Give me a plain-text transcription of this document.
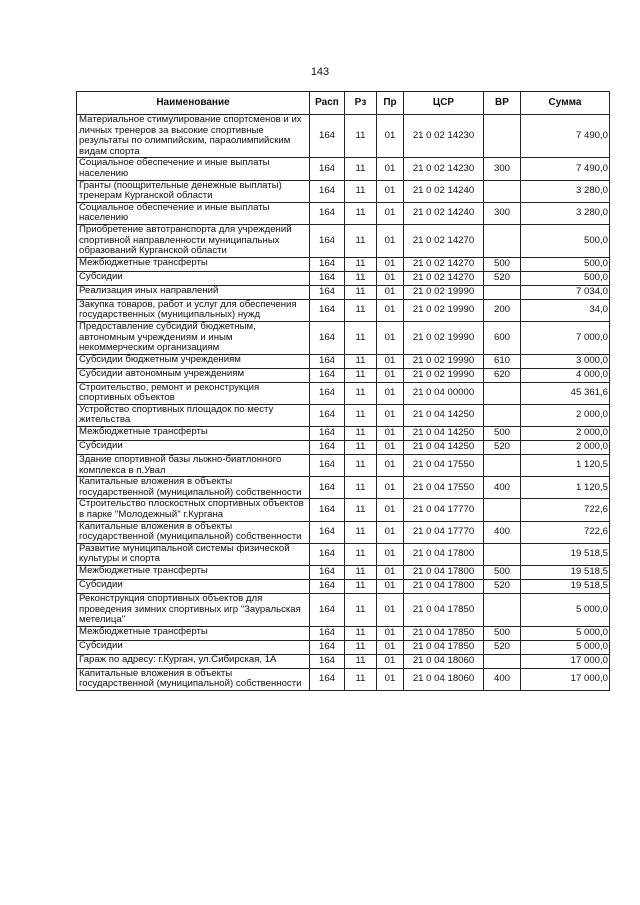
143
Наименование	Расп	Рз	Пр	ЦСР	ВР	Сумма
Материальное стимулирование спортсменов и их личных тренеров за высокие спортивные результаты по олимпийским, параолимпийским видам спорта	164	11	01	21 0 02 14230		7 490,0
Социальное обеспечение и иные выплаты населению	164	11	01	21 0 02 14230	300	7 490,0
Гранты (поощрительные денежные выплаты) тренерам Курганской области	164	11	01	21 0 02 14240		3 280,0
Социальное обеспечение и иные выплаты населению	164	11	01	21 0 02 14240	300	3 280,0
Приобретение автотранспорта для учреждений спортивной направленности муниципальных образований Курганской области	164	11	01	21 0 02 14270		500,0
Межбюджетные трансферты	164	11	01	21 0 02 14270	500	500,0
Субсидии	164	11	01	21 0 02 14270	520	500,0
Реализация иных направлений	164	11	01	21 0 02 19990		7 034,0
Закупка товаров, работ и услуг для обеспечения государственных (муниципальных) нужд	164	11	01	21 0 02 19990	200	34,0
Предоставление субсидий бюджетным, автономным учреждениям и иным некоммерческим организациям	164	11	01	21 0 02 19990	600	7 000,0
Субсидии бюджетным учреждениям	164	11	01	21 0 02 19990	610	3 000,0
Субсидии автономным учреждениям	164	11	01	21 0 02 19990	620	4 000,0
Строительство, ремонт и реконструкция спортивных объектов	164	11	01	21 0 04 00000		45 361,6
Устройство спортивных площадок по месту жительства	164	11	01	21 0 04 14250		2 000,0
Межбюджетные трансферты	164	11	01	21 0 04 14250	500	2 000,0
Субсидии	164	11	01	21 0 04 14250	520	2 000,0
Здание спортивной базы лыжно-биатлонного комплекса в п.Увал	164	11	01	21 0 04 17550		1 120,5
Капитальные вложения в объекты государственной (муниципальной) собственности	164	11	01	21 0 04 17550	400	1 120,5
Строительство плоскостных спортивных объектов в парке "Молодежный" г.Кургана	164	11	01	21 0 04 17770		722,6
Капитальные вложения в объекты государственной (муниципальной) собственности	164	11	01	21 0 04 17770	400	722,6
Развитие муниципальной системы физической культуры и спорта	164	11	01	21 0 04 17800		19 518,5
Межбюджетные трансферты	164	11	01	21 0 04 17800	500	19 518,5
Субсидии	164	11	01	21 0 04 17800	520	19 518,5
Реконструкция спортивных объектов для проведения зимних спортивных игр "Зауральская метелица"	164	11	01	21 0 04 17850		5 000,0
Межбюджетные трансферты	164	11	01	21 0 04 17850	500	5 000,0
Субсидии	164	11	01	21 0 04 17850	520	5 000,0
Гараж по адресу: г.Курган, ул.Сибирская, 1А	164	11	01	21 0 04 18060		17 000,0
Капитальные вложения в объекты государственной (муниципальной) собственности	164	11	01	21 0 04 18060	400	17 000,0
